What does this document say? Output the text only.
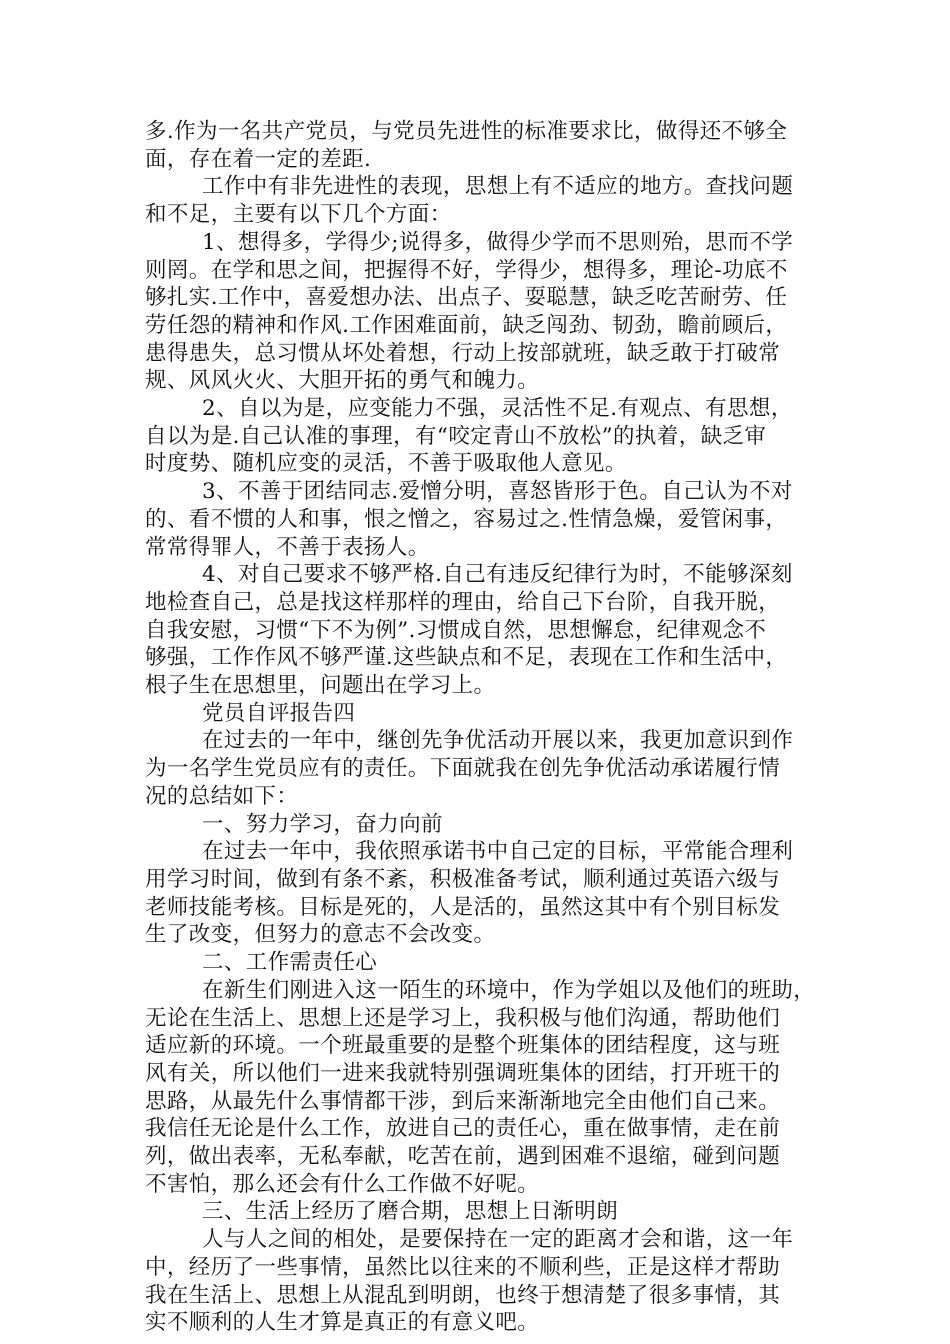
多.作为一名共产党员，与党员先进性的标准要求比，做得还不够全
面，存在着一定的差距.
工作中有非先进性的表现，思想上有不适应的地方。查找问题
和不足，主要有以下几个方面：
1、想得多，学得少;说得多，做得少学而不思则殆，思而不学
则罔。在学和思之间，把握得不好，学得少，想得多，理论-功底不
够扎实.工作中，喜爱想办法、出点子、耍聪慧，缺乏吃苦耐劳、任
劳任怨的精神和作风.工作困难面前，缺乏闯劲、韧劲，瞻前顾后，
患得患失，总习惯从坏处着想，行动上按部就班，缺乏敢于打破常
规、风风火火、大胆开拓的勇气和魄力。
2、自以为是，应变能力不强，灵活性不足.有观点、有思想，
自以为是.自己认准的事理，有“咬定青山不放松”的执着，缺乏审
时度势、随机应变的灵活，不善于吸取他人意见。
3、不善于团结同志.爱憎分明，喜怒皆形于色。自己认为不对
的、看不惯的人和事，恨之憎之，容易过之.性情急燥，爱管闲事，
常常得罪人，不善于表扬人。
4、对自己要求不够严格.自己有违反纪律行为时，不能够深刻
地检查自己，总是找这样那样的理由，给自己下台阶，自我开脱，
自我安慰，习惯“下不为例”.习惯成自然，思想懈怠，纪律观念不
够强，工作作风不够严谨.这些缺点和不足，表现在工作和生活中，
根子生在思想里，问题出在学习上。
党员自评报告四
在过去的一年中，继创先争优活动开展以来，我更加意识到作
为一名学生党员应有的责任。下面就我在创先争优活动承诺履行情
况的总结如下：
一、努力学习，奋力向前
在过去一年中，我依照承诺书中自己定的目标，平常能合理利
用学习时间，做到有条不紊，积极准备考试，顺利通过英语六级与
老师技能考核。目标是死的，人是活的，虽然这其中有个别目标发
生了改变，但努力的意志不会改变。
二、工作需责任心
在新生们刚进入这一陌生的环境中，作为学姐以及他们的班助，
无论在生活上、思想上还是学习上，我积极与他们沟通，帮助他们
适应新的环境。一个班最重要的是整个班集体的团结程度，这与班
风有关，所以他们一进来我就特别强调班集体的团结，打开班干的
思路，从最先什么事情都干涉，到后来渐渐地完全由他们自己来。
我信任无论是什么工作，放进自己的责任心，重在做事情，走在前
列，做出表率，无私奉献，吃苦在前，遇到困难不退缩，碰到问题
不害怕，那么还会有什么工作做不好呢。
三、生活上经历了磨合期，思想上日渐明朗
人与人之间的相处，是要保持在一定的距离才会和谐，这一年
中，经历了一些事情，虽然比以往来的不顺利些，正是这样才帮助
我在生活上、思想上从混乱到明朗，也终于想清楚了很多事情，其
实不顺利的人生才算是真正的有意义吧。
